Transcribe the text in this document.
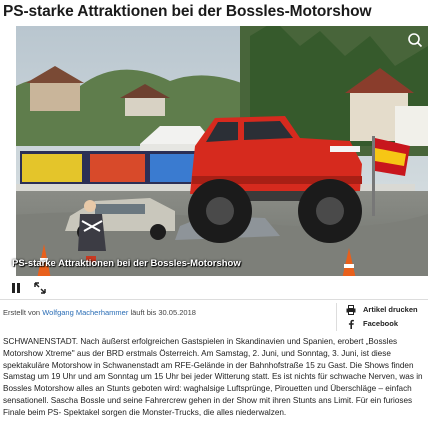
PS-starke Attraktionen bei der Bossles-Motorshow
PS-starke Attraktionen bei der Bossles-Motorshow
Erstellt von Wolfgang Macherhammer läuft bis 30.05.2018	Artikel drucken
Facebook
SCHWANENSTADT. Nach äußerst erfolgreichen Gastspielen in Skandinavien und Spanien, erobert „Bossles Motorshow Xtreme" aus der BRD erstmals Österreich. Am Samstag, 2. Juni, und Sonntag, 3. Juni, ist diese spektakuläre Motorshow in Schwanenstadt am RFE-Gelände in der Bahnhofstraße 15 zu Gast. Die Shows finden Samstag um 19 Uhr und am Sonntag um 15 Uhr bei jeder Witterung statt. Es ist nichts für schwache Nerven, was in Bossles Motorshow alles an Stunts geboten wird: waghalsige Luftsprünge, Pirouetten und Überschläge – einfach sensationell. Sascha Bossle und seine Fahrercrew gehen in der Show mit ihren Stunts ans Limit. Für ein furioses Finale beim PS- Spektakel sorgen die Monster-Trucks, die alles niederwalzen.
